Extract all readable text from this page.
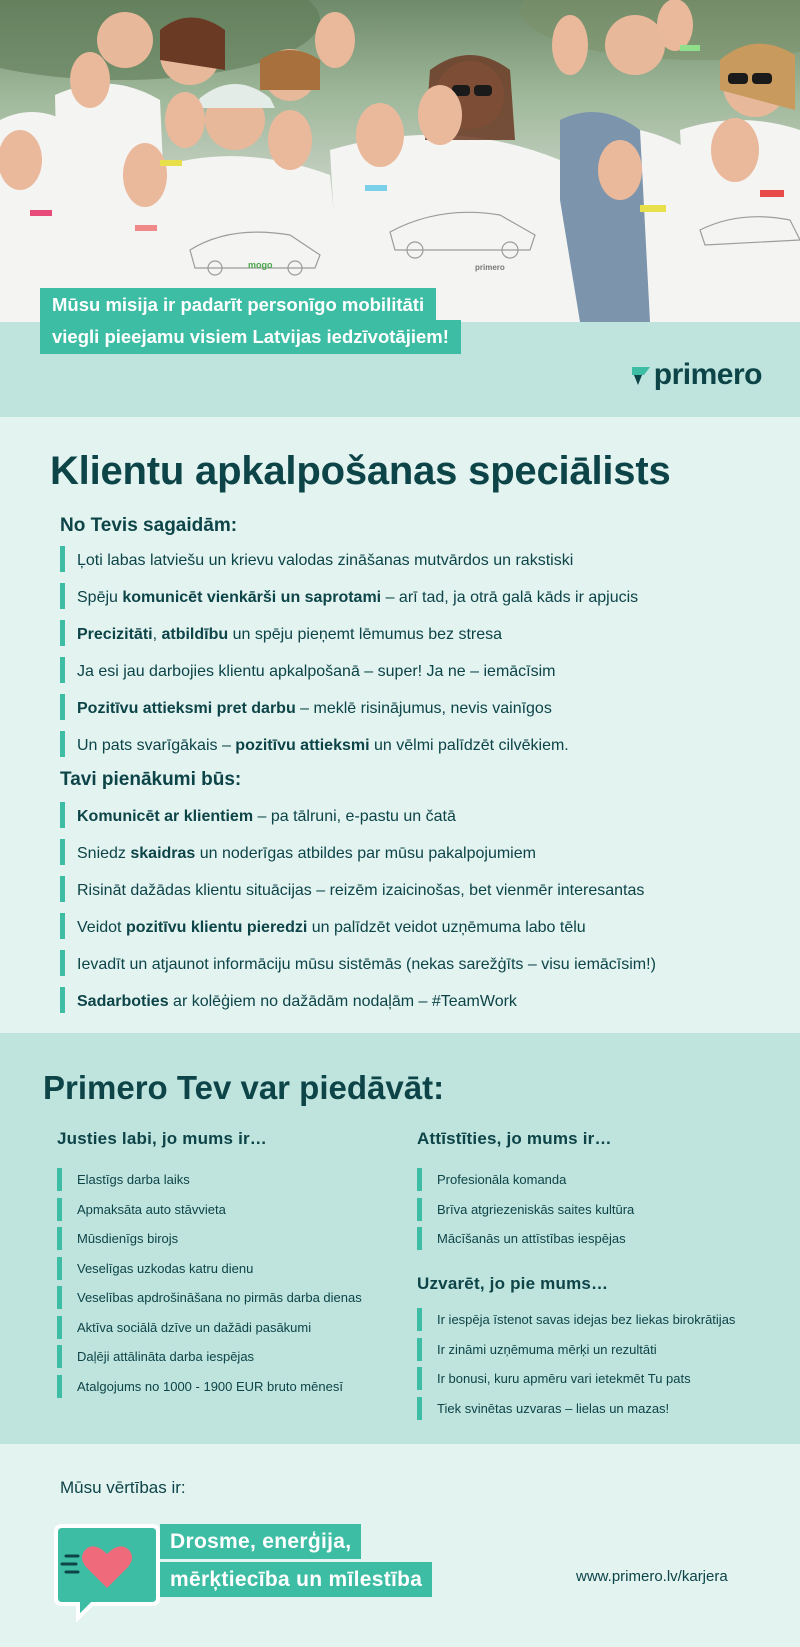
mogo	primero
Mūsu misija ir padarīt personīgo mobilitāti
viegli pieejamu visiem Latvijas iedzīvotājiem!
primero
Klientu apkalpošanas speciālists
No Tevis sagaidām:
Ļoti labas latviešu un krievu valodas zināšanas mutvārdos un rakstiski
Spēju komunicēt vienkārši un saprotami – arī tad, ja otrā galā kāds ir apjucis
Precizitāti, atbildību un spēju pieņemt lēmumus bez stresa
Ja esi jau darbojies klientu apkalpošanā – super! Ja ne – iemācīsim
Pozitīvu attieksmi pret darbu – meklē risinājumus, nevis vainīgos
Un pats svarīgākais – pozitīvu attieksmi un vēlmi palīdzēt cilvēkiem.
Tavi pienākumi būs:
Komunicēt ar klientiem – pa tālruni, e-pastu un čatā
Sniedz skaidras un noderīgas atbildes par mūsu pakalpojumiem
Risināt dažādas klientu situācijas – reizēm izaicinošas, bet vienmēr interesantas
Veidot pozitīvu klientu pieredzi un palīdzēt veidot uzņēmuma labo tēlu
Ievadīt un atjaunot informāciju mūsu sistēmās (nekas sarežģīts – visu iemācīsim!)
Sadarboties ar kolēģiem no dažādām nodaļām – #TeamWork
Primero Tev var piedāvāt:
Justies labi, jo mums ir…
Elastīgs darba laiks
Apmaksāta auto stāvvieta
Mūsdienīgs birojs
Veselīgas uzkodas katru dienu
Veselības apdrošināšana no pirmās darba dienas
Aktīva sociālā dzīve un dažādi pasākumi
Daļēji attālināta darba iespējas
Atalgojums no 1000 - 1900 EUR bruto mēnesī
Attīstīties, jo mums ir…
Profesionāla komanda
Brīva atgriezeniskās saites kultūra
Mācīšanās un attīstības iespējas
Uzvarēt, jo pie mums…
Ir iespēja īstenot savas idejas bez liekas birokrātijas
Ir zināmi uzņēmuma mērķi un rezultāti
Ir bonusi, kuru apmēru vari ietekmēt Tu pats
Tiek svinētas uzvaras – lielas un mazas!
Mūsu vērtības ir:
Drosme, enerģija,
mērķtiecība un mīlestība	www.primero.lv/karjera
